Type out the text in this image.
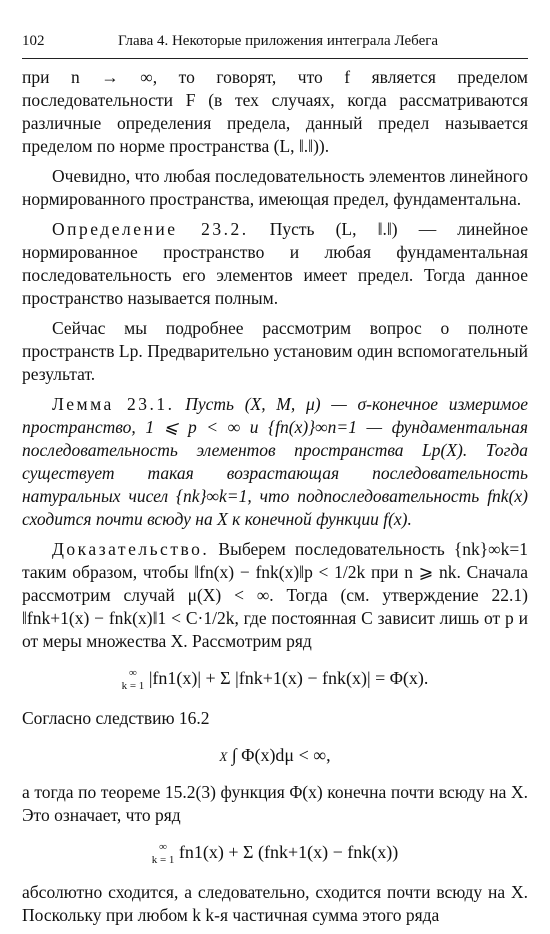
102	Глава 4. Некоторые приложения интеграла Лебега

при n → ∞, то говорят, что f является пределом последовательности F (в тех случаях, когда рассматриваются различные определения предела, данный предел называется пределом по норме пространства (L, ‖.‖)).

Очевидно, что любая последовательность элементов линейного нормированного пространства, имеющая предел, фундаментальна.

Определение 23.2. Пусть (L, ‖.‖) — линейное нормированное пространство и любая фундаментальная последовательность его элементов имеет предел. Тогда данное пространство называется полным.

Сейчас мы подробнее рассмотрим вопрос о полноте пространств Lp. Предварительно установим один вспомогательный результат.

Лемма 23.1. Пусть (X, M, μ) — σ-конечное измеримое пространство, 1 ⩽ p < ∞ и {fn(x)}∞n=1 — фундаментальная последовательность элементов пространства Lp(X). Тогда существует такая возрастающая последовательность натуральных чисел {nk}∞k=1, что подпоследовательность fnk(x) сходится почти всюду на X к конечной функции f(x).

Доказательство. Выберем последовательность {nk}∞k=1 таким образом, чтобы ‖fn(x) − fnk(x)‖p < 1/2k при n ⩾ nk. Сначала рассмотрим случай μ(X) < ∞. Тогда (см. утверждение 22.1) ‖fnk+1(x) − fnk(x)‖1 < C·1/2k, где постоянная C зависит лишь от p и от меры множества X. Рассмотрим ряд

∞
k = 1 |fn1(x)| + Σ |fnk+1(x) − fnk(x)| = Φ(x).

Согласно следствию 16.2

X ∫ Φ(x)dμ < ∞,

а тогда по теореме 15.2(3) функция Φ(x) конечна почти всюду на X. Это означает, что ряд

∞
k = 1 fn1(x) + Σ (fnk+1(x) − fnk(x))

абсолютно сходится, а следовательно, сходится почти всюду на X. Поскольку при любом k k-я частичная сумма этого ряда
